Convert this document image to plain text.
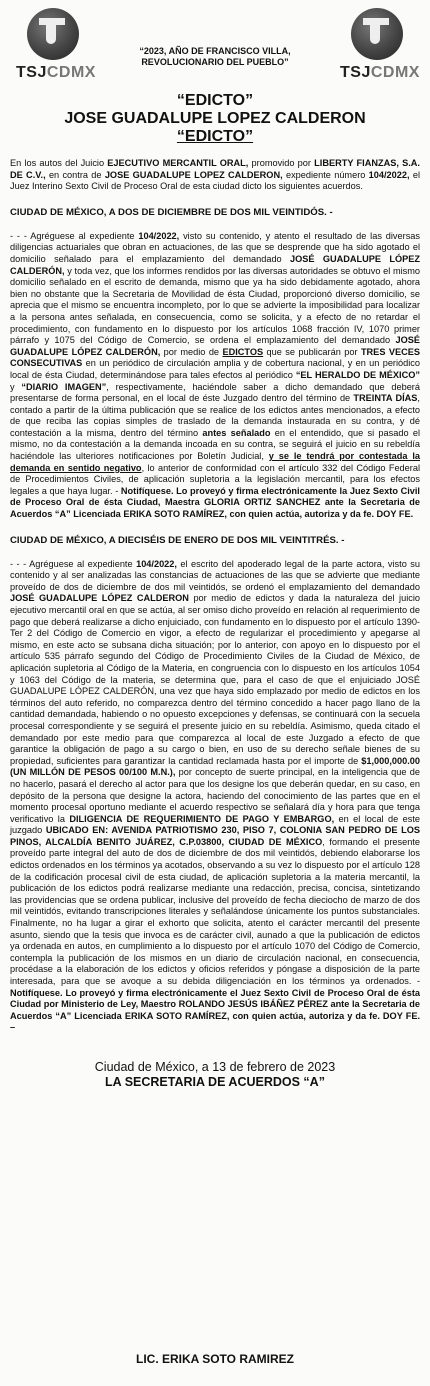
TSJCDMX
“2023, AÑO DE FRANCISCO VILLA,
REVOLUCIONARIO DEL PUEBLO”
TSJCDMX
“EDICTO”
JOSE GUADALUPE LOPEZ CALDERON
“EDICTO”

En los autos del Juicio EJECUTIVO MERCANTIL ORAL, promovido por LIBERTY FIANZAS, S.A. DE C.V., en contra de JOSE GUADALUPE LOPEZ CALDERON, expediente número 104/2022, el Juez Interino Sexto Civil de Proceso Oral de esta ciudad dicto los siguientes acuerdos.

CIUDAD DE MÉXICO, A DOS DE DICIEMBRE DE DOS MIL VEINTIDÓS. -

- - - Agréguese al expediente 104/2022, visto su contenido, y atento el resultado de las diversas diligencias actuariales que obran en actuaciones, de las que se desprende que ha sido agotado el domicilio señalado para el emplazamiento del demandado JOSÉ GUADALUPE LÓPEZ CALDERÓN, y toda vez, que los informes rendidos por las diversas autoridades se obtuvo el mismo domicilio señalado en el escrito de demanda, mismo que ya ha sido debidamente agotado, ahora bien no obstante que la Secretaria de Movilidad de ésta Ciudad, proporcionó diverso domicilio, se aprecia que el mismo se encuentra incompleto, por lo que se advierte la imposibilidad para localizar a la persona antes señalada, en consecuencia, como se solicita, y a efecto de no retardar el procedimiento, con fundamento en lo dispuesto por los artículos 1068 fracción IV, 1070 primer párrafo y 1075 del Código de Comercio, se ordena el emplazamiento del demandado JOSÉ GUADALUPE LÓPEZ CALDERÓN, por medio de EDICTOS que se publicarán por TRES VECES CONSECUTIVAS en un periódico de circulación amplia y de cobertura nacional, y en un periódico local de ésta Ciudad, determinándose para tales efectos al periódico “EL HERALDO DE MÉXICO” y “DIARIO IMAGEN”, respectivamente, haciéndole saber a dicho demandado que deberá presentarse de forma personal, en el local de éste Juzgado dentro del término de TREINTA DÍAS, contado a partir de la última publicación que se realice de los edictos antes mencionados, a efecto de que reciba las copias simples de traslado de la demanda instaurada en su contra, y dé contestación a la misma, dentro del término antes señalado en el entendido, que si pasado el mismo, no da contestación a la demanda incoada en su contra, se seguirá el juicio en su rebeldía haciéndole las ulteriores notificaciones por Boletín Judicial, y se le tendrá por contestada la demanda en sentido negativo, lo anterior de conformidad con el artículo 332 del Código Federal de Procedimientos Civiles, de aplicación supletoria a la legislación mercantil, para los efectos legales a que haya lugar. - Notifíquese. Lo proveyó y firma electrónicamente la Juez Sexto Civil de Proceso Oral de ésta Ciudad, Maestra GLORIA ORTIZ SANCHEZ ante la Secretaria de Acuerdos “A” Licenciada ERIKA SOTO RAMÍREZ, con quien actúa, autoriza y da fe. DOY FE.

CIUDAD DE MÉXICO, A DIECISÉIS DE ENERO DE DOS MIL VEINTITRÉS. -

- - - Agréguese al expediente 104/2022, el escrito del apoderado legal de la parte actora, visto su contenido y al ser analizadas las constancias de actuaciones de las que se advierte que mediante proveído de dos de diciembre de dos mil veintidós, se ordenó el emplazamiento del demandado JOSÉ GUADALUPE LÓPEZ CALDERON por medio de edictos y dada la naturaleza del juicio ejecutivo mercantil oral en que se actúa, al ser omiso dicho proveído en relación al requerimiento de pago que deberá realizarse a dicho enjuiciado, con fundamento en lo dispuesto por el artículo 1390-Ter 2 del Código de Comercio en vigor, a efecto de regularizar el procedimiento y apegarse al mismo, en este acto se subsana dicha situación; por lo anterior, con apoyo en lo dispuesto por el artículo 535 párrafo segundo del Código de Procedimiento Civiles de la Ciudad de México, de aplicación supletoria al Código de la Materia, en congruencia con lo dispuesto en los artículos 1054 y 1063 del Código de la materia, se determina que, para el caso de que el enjuiciado JOSÉ GUADALUPE LÓPEZ CALDERÓN, una vez que haya sido emplazado por medio de edictos en los términos del auto referido, no comparezca dentro del término concedido a hacer pago llano de la cantidad demandada, habiendo o no opuesto excepciones y defensas, se continuará con la secuela procesal correspondiente y se seguirá el presente juicio en su rebeldía. Asimismo, queda citado el demandado por este medio para que comparezca al local de este Juzgado a efecto de que garantice la obligación de pago a su cargo o bien, en uso de su derecho señale bienes de su propiedad, suficientes para garantizar la cantidad reclamada hasta por el importe de $1,000,000.00 (UN MILLÓN DE PESOS 00/100 M.N.), por concepto de suerte principal, en la inteligencia que de no hacerlo, pasará el derecho al actor para que los designe los que deberán quedar, en su caso, en depósito de la persona que designe la actora, haciendo del conocimiento de las partes que en el momento procesal oportuno mediante el acuerdo respectivo se señalará día y hora para que tenga verificativo la DILIGENCIA DE REQUERIMIENTO DE PAGO Y EMBARGO, en el local de este juzgado UBICADO EN: AVENIDA PATRIOTISMO 230, PISO 7, COLONIA SAN PEDRO DE LOS PINOS, ALCALDÍA BENITO JUÁREZ, C.P.03800, CIUDAD DE MÉXICO, formando el presente proveído parte integral del auto de dos de diciembre de dos mil veintidós, debiendo elaborarse los edictos ordenados en los términos ya acotados, observando a su vez lo dispuesto por el artículo 128 de la codificación procesal civil de esta ciudad, de aplicación supletoria a la materia mercantil, la publicación de los edictos podrá realizarse mediante una redacción, precisa, concisa, sintetizando las providencias que se ordena publicar, inclusive del proveído de fecha dieciocho de marzo de dos mil veintidós, evitando transcripciones literales y señalándose únicamente los puntos substanciales. Finalmente, no ha lugar a girar el exhorto que solicita, atento el carácter mercantil del presente asunto, siendo que la tesis que invoca es de carácter civil, aunado a que la publicación de edictos ya ordenada en autos, en cumplimiento a lo dispuesto por el artículo 1070 del Código de Comercio, contempla la publicación de los mismos en un diario de circulación nacional, en consecuencia, procédase a la elaboración de los edictos y oficios referidos y póngase a disposición de la parte interesada, para que se avoque a su debida diligenciación en los términos ya ordenados. - Notifíquese. Lo proveyó y firma electrónicamente el Juez Sexto Civil de Proceso Oral de ésta Ciudad por Ministerio de Ley, Maestro ROLANDO JESÚS IBÁÑEZ PÉREZ ante la Secretaria de Acuerdos “A” Licenciada ERIKA SOTO RAMÍREZ, con quien actúa, autoriza y da fe. DOY FE. –

Ciudad de México, a 13 de febrero de 2023
LA SECRETARIA DE ACUERDOS “A”
LIC. ERIKA SOTO RAMIREZ
